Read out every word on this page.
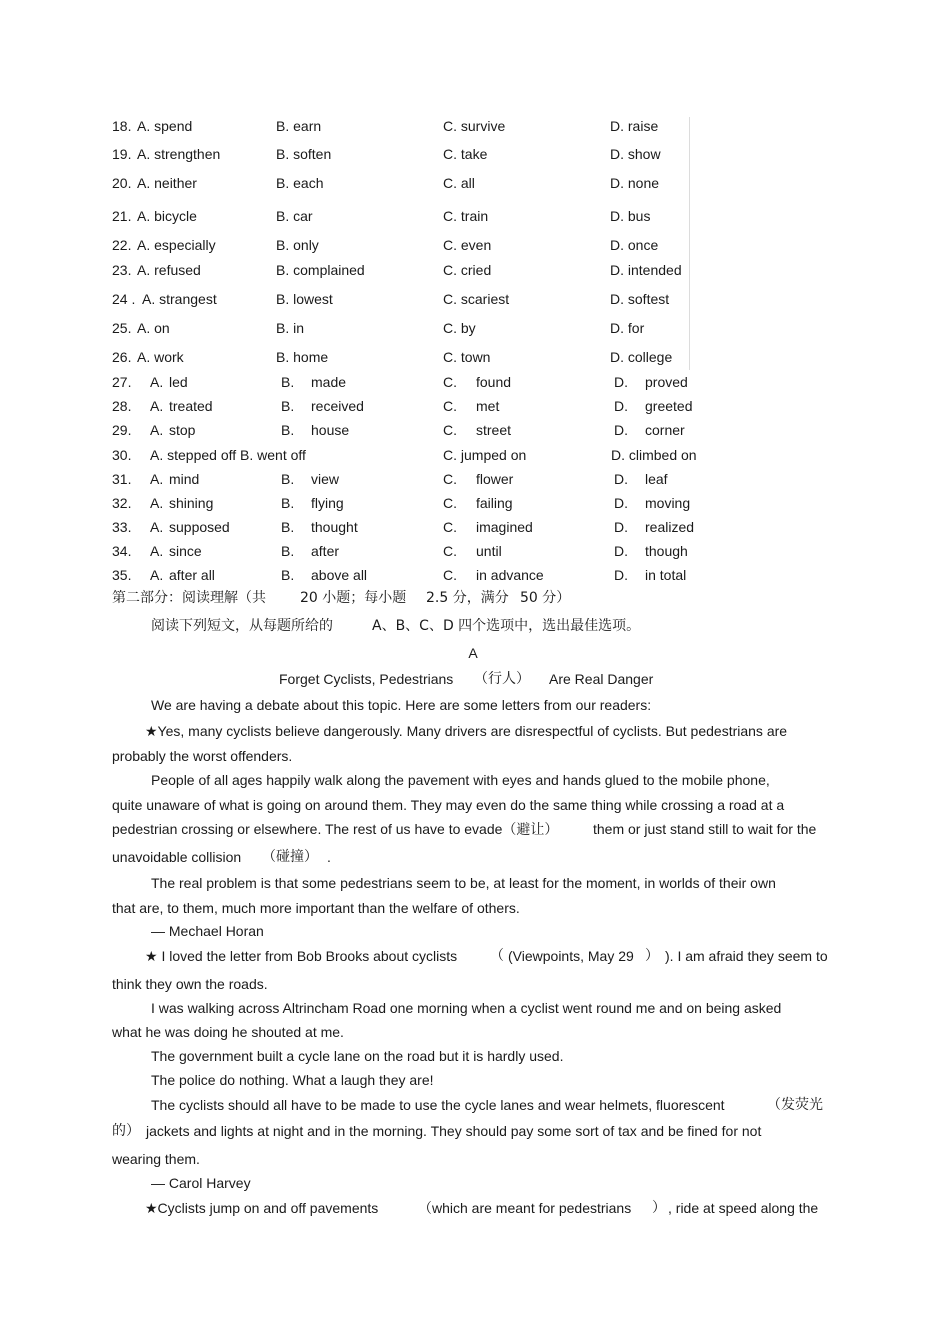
18. A. spend	B. earn	C. survive	D. raise
19. A. strengthen	B. soften	C. take	D. show
20. A. neither	B. each	C. all	D. none
21. A. bicycle	B. car	C. train	D. bus
22. A. especially	B. only	C. even	D. once
23. A. refused	B. complained	C. cried	D. intended
24 . A. strangest	B. lowest	C. scariest	D. softest
25. A. on	B. in	C. by	D. for
26. A. work	B. home	C. town	D. college
27. A. led	B. made	C. found	D. proved
28. A. treated	B. received	C. met	D. greeted
29. A. stop	B. house	C. street	D. corner
30. A. stepped off B. went off	C. jumped on	D. climbed on
31. A. mind	B. view	C. flower	D. leaf
32. A. shining	B. flying	C. failing	D. moving
33. A. supposed	B. thought	C. imagined	D. realized
34. A. since	B. after	C. until	D. though
35. A. after all	B. above all	C. in advance	D. in total
第二部分：阅读理解（共 20 小题；每小题 2.5 分，满分 50 分）
阅读下列短文，从每题所给的	A、B、C、D 四个选项中，选出最佳选项。
A
Forget Cyclists, Pedestrians （行人） Are Real Danger
We are having a debate about this topic. Here are some letters from our readers:
★Yes, many cyclists believe dangerously. Many drivers are disrespectful of cyclists. But pedestrians are
probably the worst offenders.
People of all ages happily walk along the pavement with eyes and hands glued to the mobile phone,
quite unaware of what is going on around them. They may even do the same thing while crossing a road at a
pedestrian crossing or elsewhere. The rest of us have to evade（避让） them or just stand still to wait for the
unavoidable collision （碰撞） .
The real problem is that some pedestrians seem to be, at least for the moment, in worlds of their own
that are, to them, much more important than the welfare of others.
— Mechael Horan
★ I loved the letter from Bob Brooks about cyclists （ (Viewpoints, May 29 ） ). I am afraid they seem to
think they own the roads.
I was walking across Altrincham Road one morning when a cyclist went round me and on being asked
what he was doing he shouted at me.
The government built a cycle lane on the road but it is hardly used.
The police do nothing. What a laugh they are!
The cyclists should all have to be made to use the cycle lanes and wear helmets, fluorescent	（发荧光
的） jackets and lights at night and in the morning. They should pay some sort of tax and be fined for not
wearing them.
— Carol Harvey
★Cyclists jump on and off pavements	（which are meant for pedestrians ） , ride at speed along the
